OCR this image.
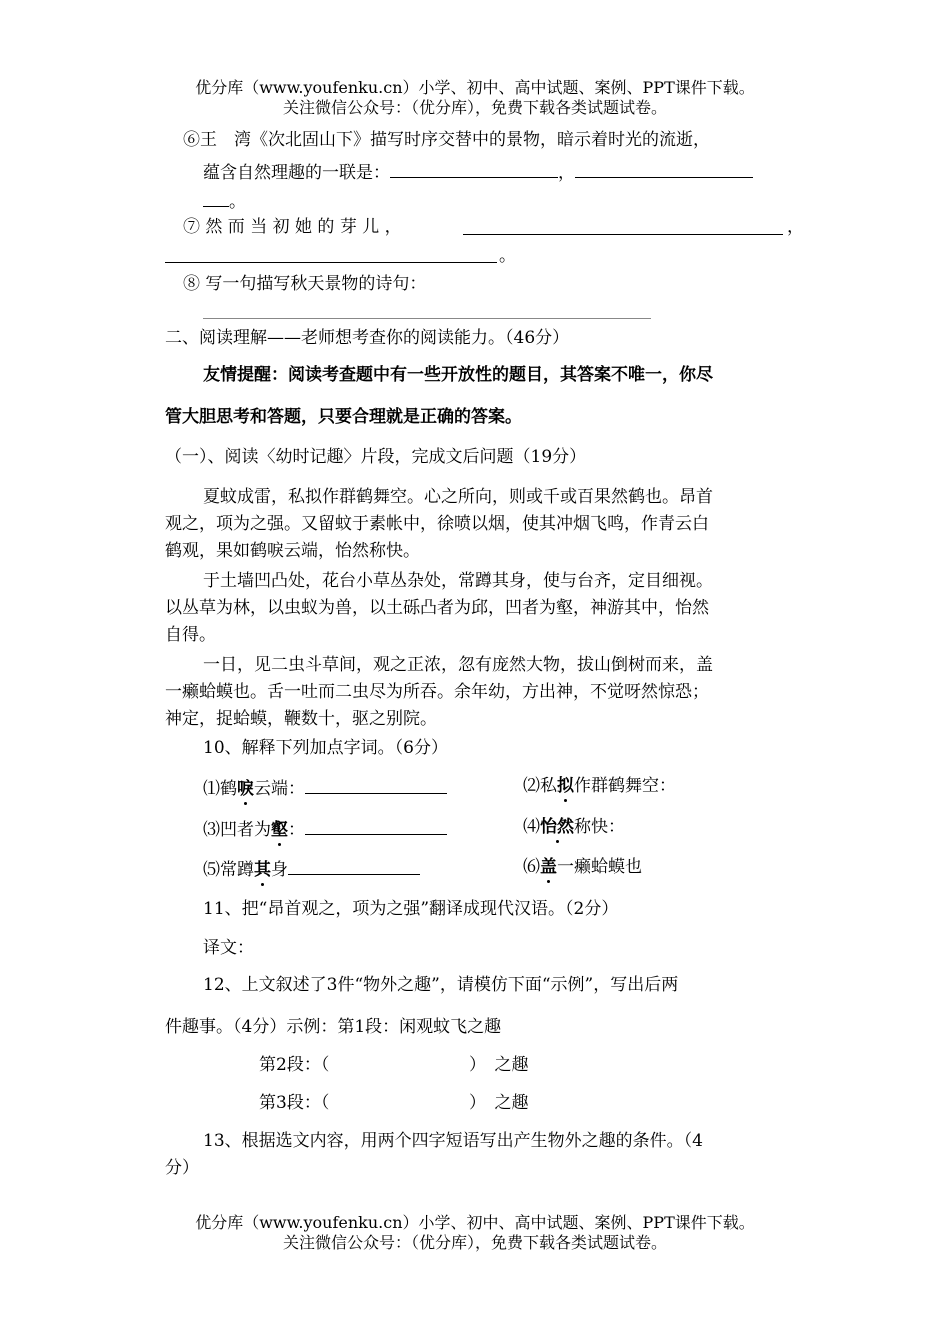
优分库（www.youfenku.cn）小学、初中、高中试题、案例、PPT课件下载。
关注微信公众号：（优分库），免费下载各类试题试卷。
⑥王　湾《次北固山下》描写时序交替中的景物，暗示着时光的流逝，
蕴含自然理趣的一联是：	，
。
⑦ 然 而 当 初 她 的 芽 儿 ，	，
。
⑧ 写一句描写秋天景物的诗句：
二、阅读理解——老师想考查你的阅读能力。（46分）
友情提醒：阅读考查题中有一些开放性的题目，其答案不唯一，你尽
管大胆思考和答题，只要合理就是正确的答案。
（一）、阅读〈幼时记趣〉片段，完成文后问题（19分）
夏蚊成雷，私拟作群鹤舞空。心之所向，则或千或百果然鹤也。昂首
观之，项为之强。又留蚊于素帐中，徐喷以烟，使其冲烟飞鸣，作青云白
鹤观，果如鹤唳云端，怡然称快。
于土墙凹凸处，花台小草丛杂处，常蹲其身，使与台齐，定目细视。
以丛草为林，以虫蚁为兽，以土砾凸者为邱，凹者为壑，神游其中，怡然
自得。
一日，见二虫斗草间，观之正浓，忽有庞然大物，拔山倒树而来，盖
一癞蛤蟆也。舌一吐而二虫尽为所吞。余年幼，方出神，不觉呀然惊恐；
神定，捉蛤蟆，鞭数十，驱之别院。
10、解释下列加点字词。（6分）
⑴鹤唳云端：	⑵私拟作群鹤舞空：
⑶凹者为壑：	⑷怡然称快：
⑸常蹲其身	⑹盖一癞蛤蟆也
11、把“昂首观之，项为之强”翻译成现代汉语。（2分）
译文：
12、上文叙述了3件“物外之趣”，请模仿下面“示例”，写出后两
件趣事。（4分）示例：第1段：闲观蚊飞之趣
第2段：（	）　之趣
第3段：（	）　之趣
13、根据选文内容，用两个四字短语写出产生物外之趣的条件。（4
分）
优分库（www.youfenku.cn）小学、初中、高中试题、案例、PPT课件下载。
关注微信公众号：（优分库），免费下载各类试题试卷。
